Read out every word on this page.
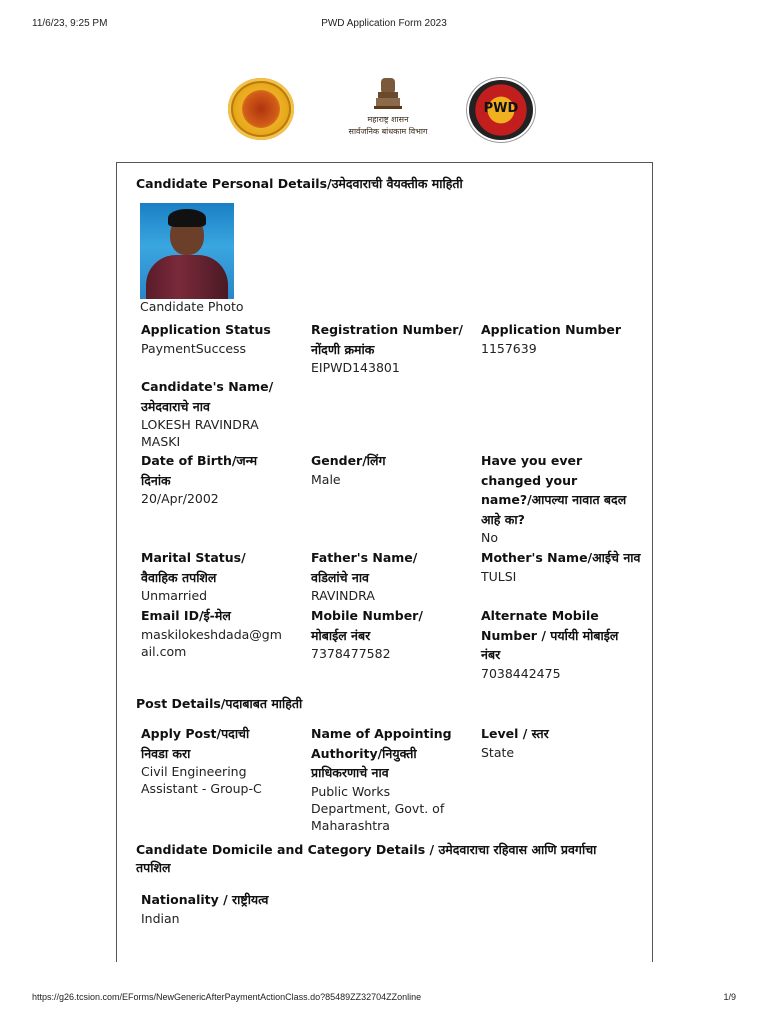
11/6/23, 9:25 PM	PWD Application Form 2023
महाराष्ट्र शासन
सार्वजनिक बांधकाम विभाग
PWD
Candidate Personal Details/उमेदवाराची वैयक्तीक माहिती
Candidate Photo
Application Status
PaymentSuccess
Registration Number/नोंदणी क्रमांक
EIPWD143801
Application Number
1157639
Candidate's Name/ उमेदवाराचे नाव
LOKESH RAVINDRA MASKI
Date of Birth/जन्म दिनांक
20/Apr/2002
Gender/लिंग
Male
Have you ever changed your name?/आपल्या नावात बदल आहे का?
No
Marital Status/ वैवाहिक तपशिल
Unmarried
Father's Name/ वडिलांचे नाव
RAVINDRA
Mother's Name/आईचे नाव
TULSI
Email ID/ई-मेल
maskilokeshdada@gmail.com
Mobile Number/ मोबाईल नंबर
7378477582
Alternate Mobile Number / पर्यायी मोबाईल नंबर
7038442475
Post Details/पदाबाबत माहिती
Apply Post/पदाची निवडा करा
Civil Engineering Assistant - Group-C
Name of Appointing Authority/नियुक्ती प्राधिकरणाचे नाव
Public Works Department, Govt. of Maharashtra
Level / स्तर
State
Candidate Domicile and Category Details / उमेदवाराचा रहिवास आणि प्रवर्गाचा तपशिल
Nationality / राष्ट्रीयत्व
Indian
https://g26.tcsion.com/EForms/NewGenericAfterPaymentActionClass.do?85489ZZ32704ZZonline	1/9
